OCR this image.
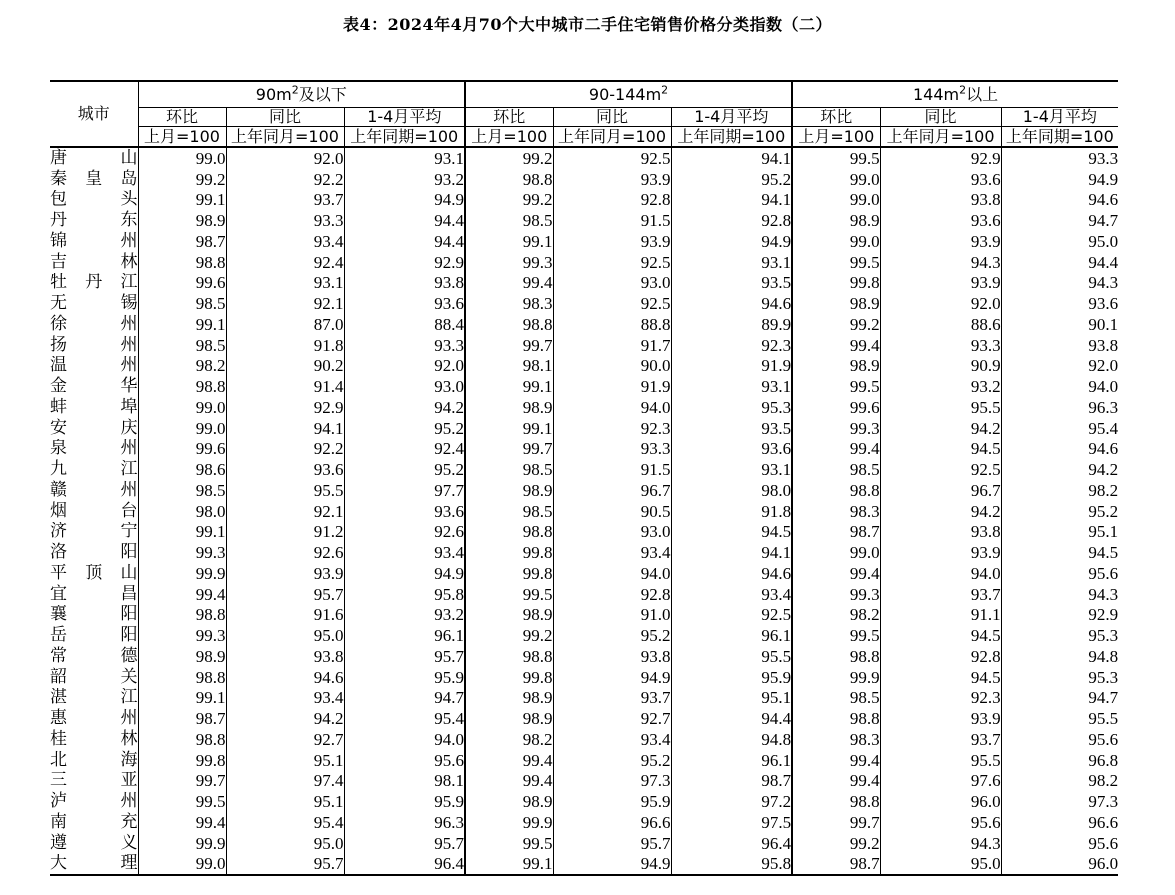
表4：2024年4月70个大中城市二手住宅销售价格分类指数（二）
城市	$90m^2$及以下			$90-144m^2$			$144m^2$以上		
	环比	同比	1-4月平均	环比	同比	1-4月平均	环比	同比	1-4月平均
	上月=100	上年同月=100	上年同期=100	上月=100	上年同月=100	上年同期=100	上月=100	上年同月=100	上年同期=100
唐山	99.0	92.0	93.1	99.2	92.5	94.1	99.5	92.9	93.3
秦皇岛	99.2	92.2	93.2	98.8	93.9	95.2	99.0	93.6	94.9
包头	99.1	93.7	94.9	99.2	92.8	94.1	99.0	93.8	94.6
丹东	98.9	93.3	94.4	98.5	91.5	92.8	98.9	93.6	94.7
锦州	98.7	93.4	94.4	99.1	93.9	94.9	99.0	93.9	95.0
吉林	98.8	92.4	92.9	99.3	92.5	93.1	99.5	94.3	94.4
牡丹江	99.6	93.1	93.8	99.4	93.0	93.5	99.8	93.9	94.3
无锡	98.5	92.1	93.6	98.3	92.5	94.6	98.9	92.0	93.6
徐州	99.1	87.0	88.4	98.8	88.8	89.9	99.2	88.6	90.1
扬州	98.5	91.8	93.3	99.7	91.7	92.3	99.4	93.3	93.8
温州	98.2	90.2	92.0	98.1	90.0	91.9	98.9	90.9	92.0
金华	98.8	91.4	93.0	99.1	91.9	93.1	99.5	93.2	94.0
蚌埠	99.0	92.9	94.2	98.9	94.0	95.3	99.6	95.5	96.3
安庆	99.0	94.1	95.2	99.1	92.3	93.5	99.3	94.2	95.4
泉州	99.6	92.2	92.4	99.7	93.3	93.6	99.4	94.5	94.6
九江	98.6	93.6	95.2	98.5	91.5	93.1	98.5	92.5	94.2
赣州	98.5	95.5	97.7	98.9	96.7	98.0	98.8	96.7	98.2
烟台	98.0	92.1	93.6	98.5	90.5	91.8	98.3	94.2	95.2
济宁	99.1	91.2	92.6	98.8	93.0	94.5	98.7	93.8	95.1
洛阳	99.3	92.6	93.4	99.8	93.4	94.1	99.0	93.9	94.5
平顶山	99.9	93.9	94.9	99.8	94.0	94.6	99.4	94.0	95.6
宜昌	99.4	95.7	95.8	99.5	92.8	93.4	99.3	93.7	94.3
襄阳	98.8	91.6	93.2	98.9	91.0	92.5	98.2	91.1	92.9
岳阳	99.3	95.0	96.1	99.2	95.2	96.1	99.5	94.5	95.3
常德	98.9	93.8	95.7	98.8	93.8	95.5	98.8	92.8	94.8
韶关	98.8	94.6	95.9	99.8	94.9	95.9	99.9	94.5	95.3
湛江	99.1	93.4	94.7	98.9	93.7	95.1	98.5	92.3	94.7
惠州	98.7	94.2	95.4	98.9	92.7	94.4	98.8	93.9	95.5
桂林	98.8	92.7	94.0	98.2	93.4	94.8	98.3	93.7	95.6
北海	99.8	95.1	95.6	99.4	95.2	96.1	99.4	95.5	96.8
三亚	99.7	97.4	98.1	99.4	97.3	98.7	99.4	97.6	98.2
泸州	99.5	95.1	95.9	98.9	95.9	97.2	98.8	96.0	97.3
南充	99.4	95.4	96.3	99.9	96.6	97.5	99.7	95.6	96.6
遵义	99.9	95.0	95.7	99.5	95.7	96.4	99.2	94.3	95.6
大理	99.0	95.7	96.4	99.1	94.9	95.8	98.7	95.0	96.0
